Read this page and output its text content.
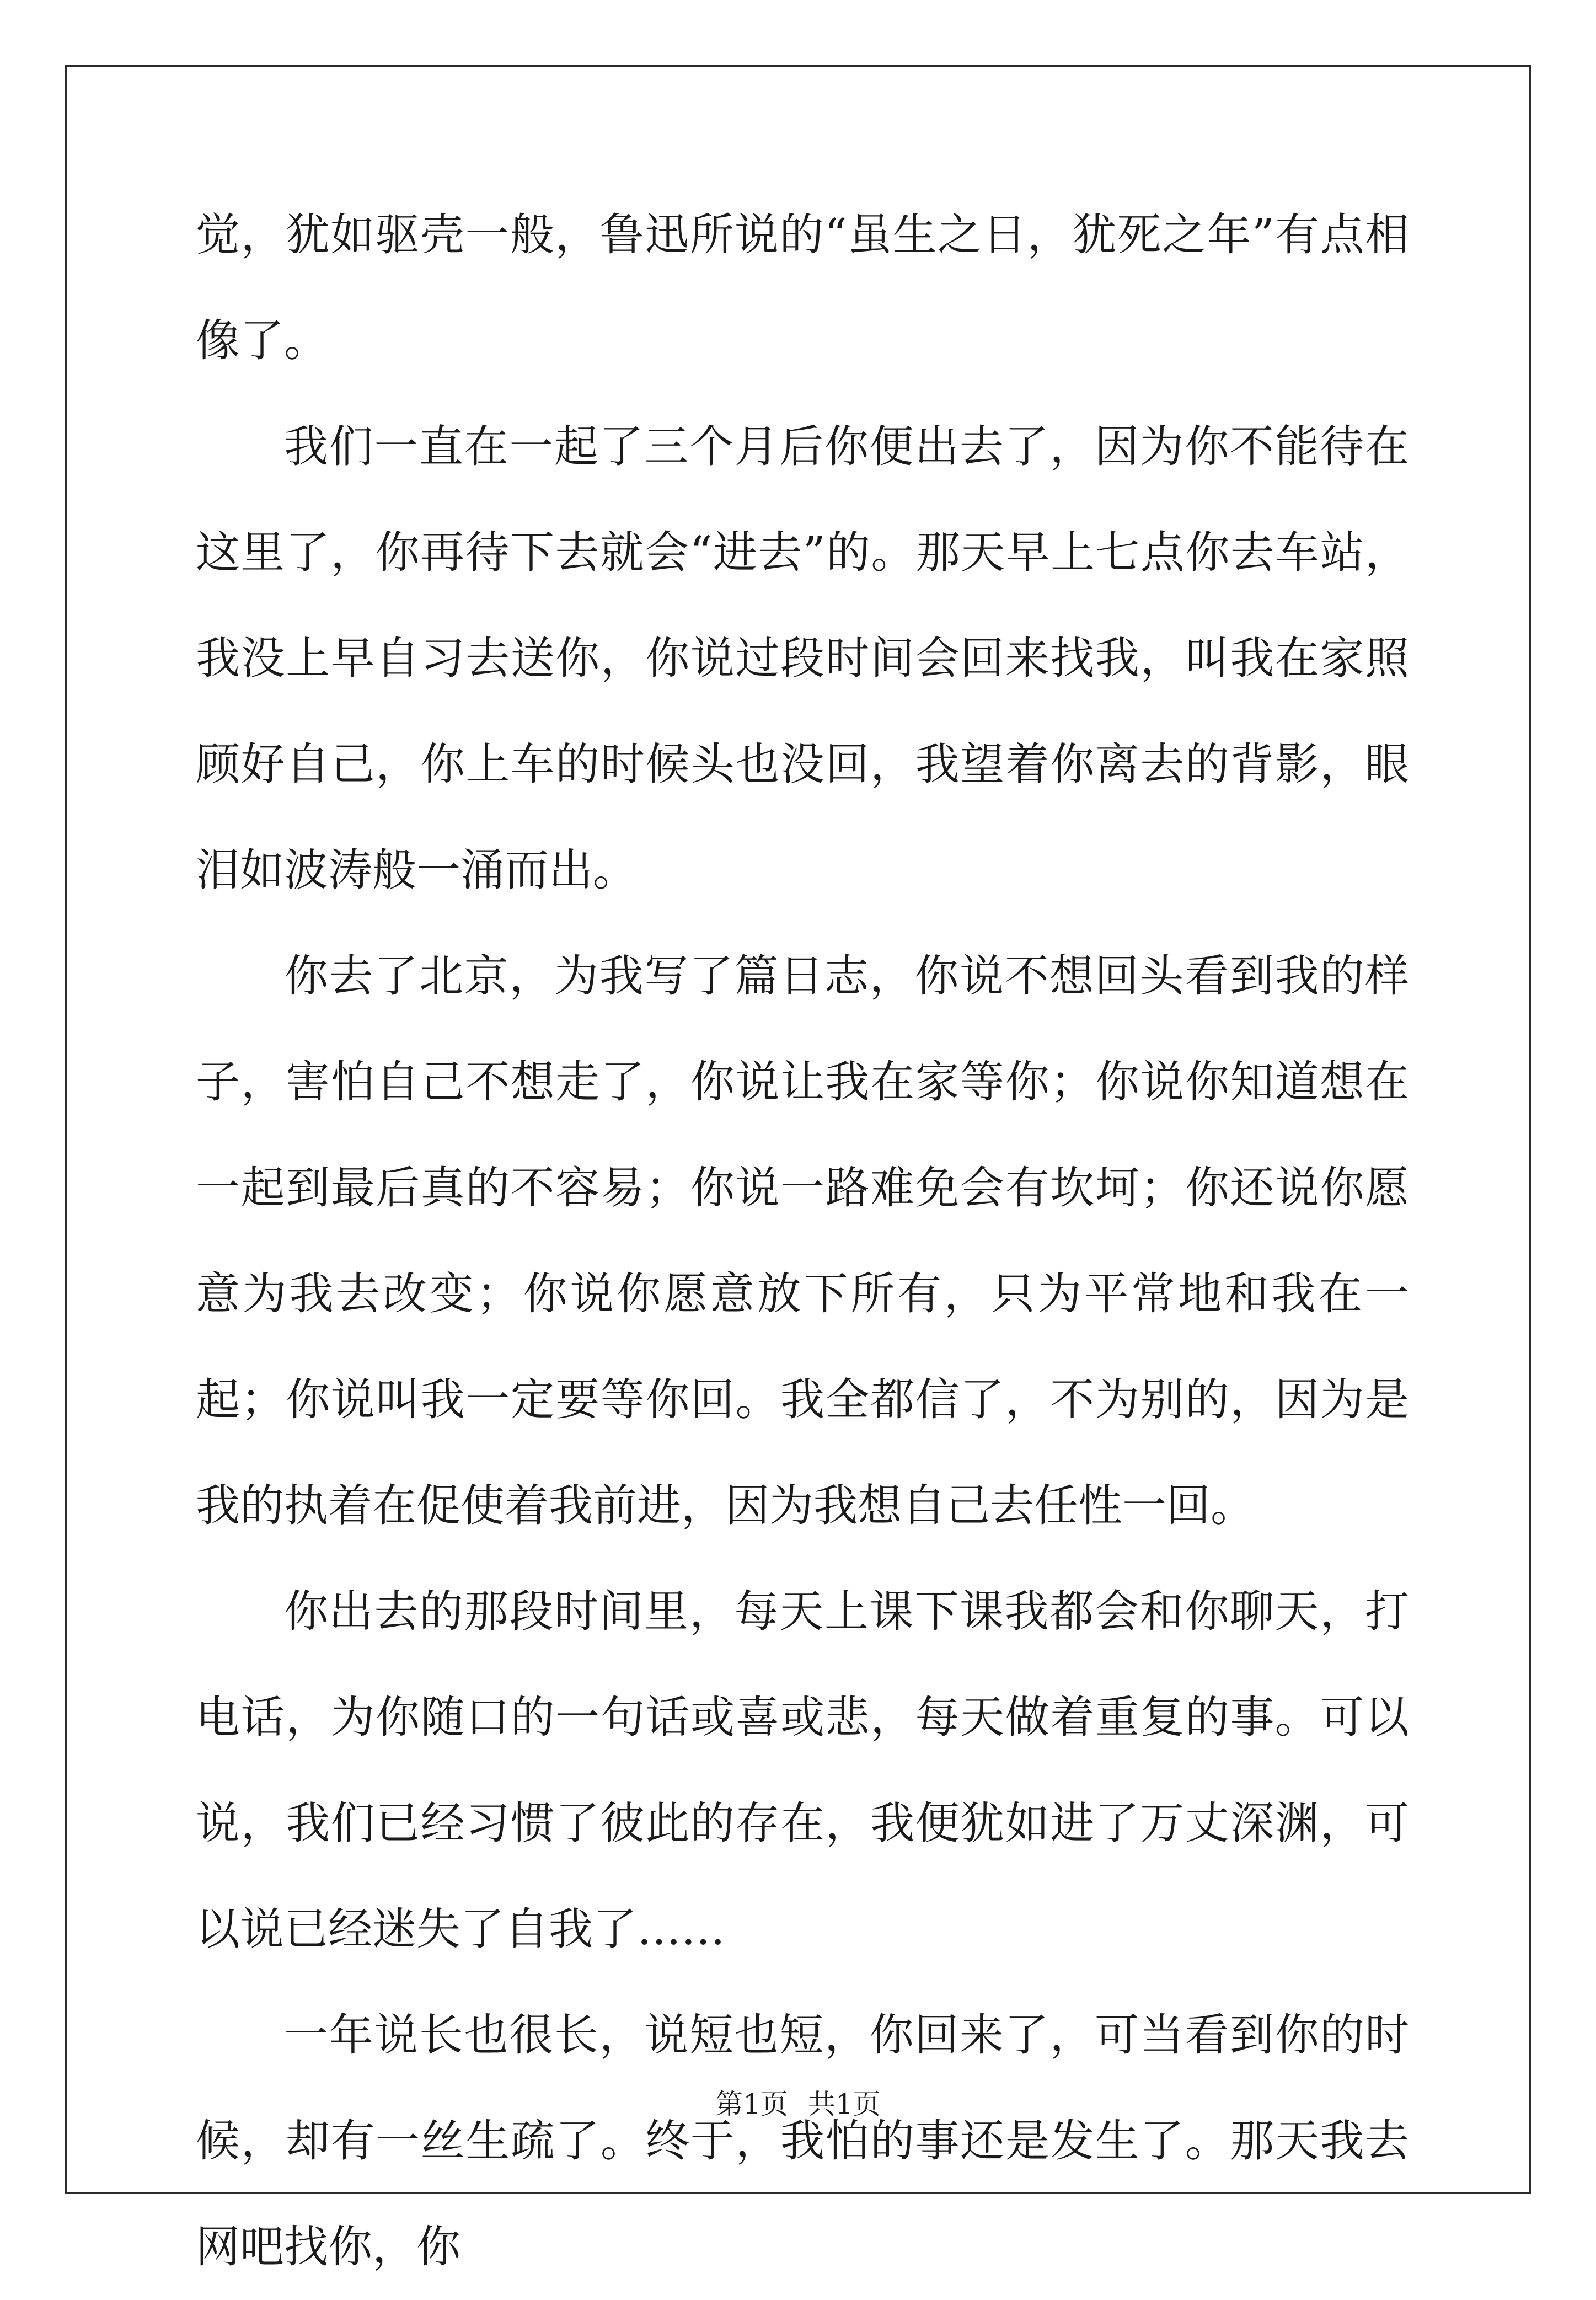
觉，犹如驱壳一般，鲁迅所说的“虽生之日，犹死之年”有点相像了。

我们一直在一起了三个月后你便出去了，因为你不能待在这里了，你再待下去就会“进去”的。那天早上七点你去车站，我没上早自习去送你，你说过段时间会回来找我，叫我在家照顾好自己，你上车的时候头也没回，我望着你离去的背影，眼泪如波涛般一涌而出。

你去了北京，为我写了篇日志，你说不想回头看到我的样子，害怕自己不想走了，你说让我在家等你；你说你知道想在一起到最后真的不容易；你说一路难免会有坎坷；你还说你愿意为我去改变；你说你愿意放下所有，只为平常地和我在一起；你说叫我一定要等你回。我全都信了，不为别的，因为是我的执着在促使着我前进，因为我想自己去任性一回。

你出去的那段时间里，每天上课下课我都会和你聊天，打电话，为你随口的一句话或喜或悲，每天做着重复的事。可以说，我们已经习惯了彼此的存在，我便犹如进了万丈深渊，可以说已经迷失了自我了……

一年说长也很长，说短也短，你回来了，可当看到你的时候，却有一丝生疏了。终于，我怕的事还是发生了。那天我去网吧找你，你

第1页 共1页
